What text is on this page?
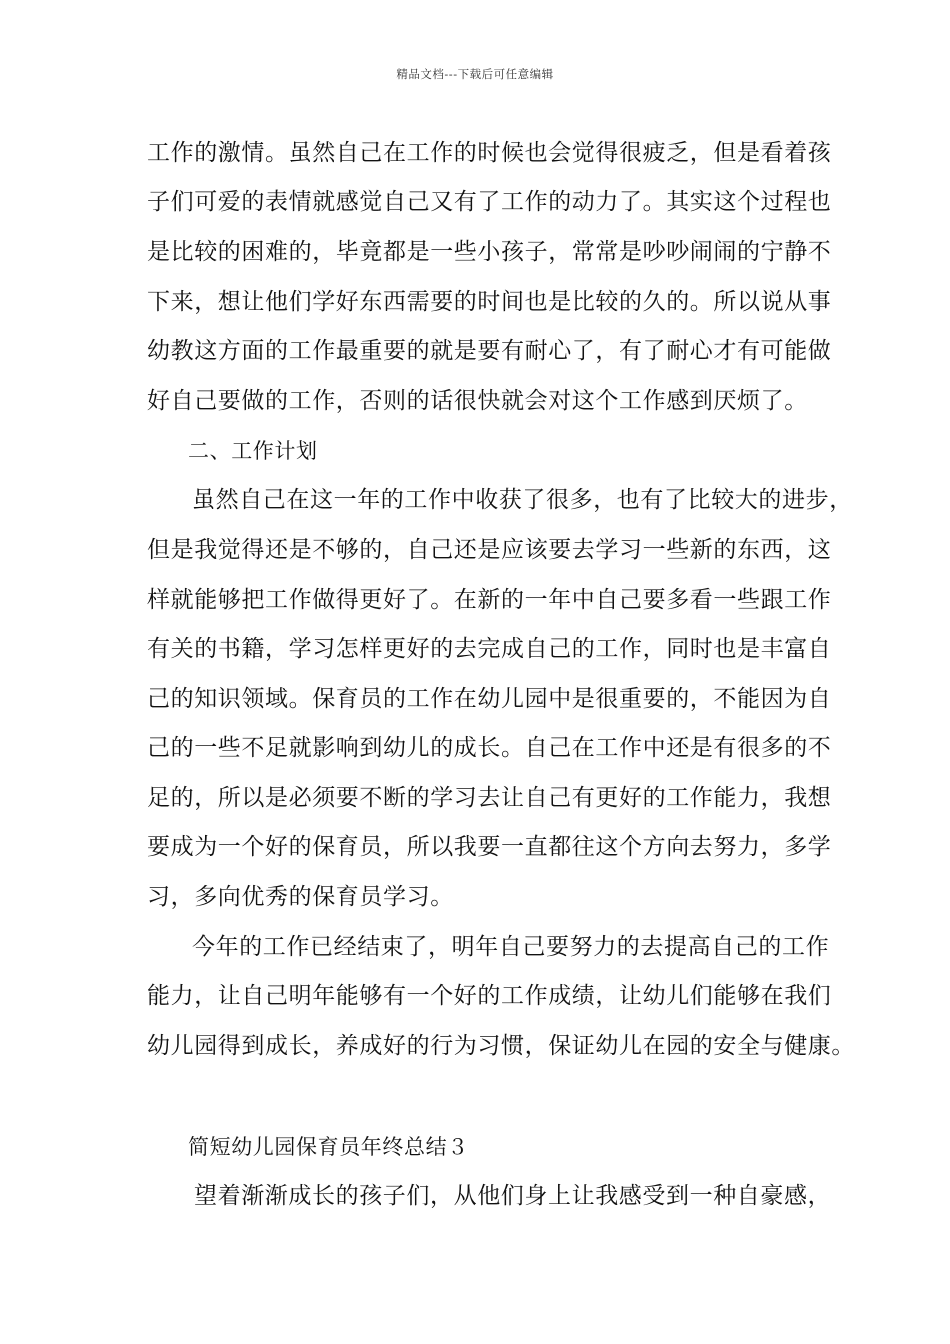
精品文档---下载后可任意编辑
工作的激情。虽然自己在工作的时候也会觉得很疲乏，但是看着孩
子们可爱的表情就感觉自己又有了工作的动力了。其实这个过程也
是比较的困难的，毕竟都是一些小孩子，常常是吵吵闹闹的宁静不
下来，想让他们学好东西需要的时间也是比较的久的。所以说从事
幼教这方面的工作最重要的就是要有耐心了，有了耐心才有可能做
好自己要做的工作，否则的话很快就会对这个工作感到厌烦了。
二、工作计划
虽然自己在这一年的工作中收获了很多，也有了比较大的进步，
但是我觉得还是不够的，自己还是应该要去学习一些新的东西，这
样就能够把工作做得更好了。在新的一年中自己要多看一些跟工作
有关的书籍，学习怎样更好的去完成自己的工作，同时也是丰富自
己的知识领域。保育员的工作在幼儿园中是很重要的，不能因为自
己的一些不足就影响到幼儿的成长。自己在工作中还是有很多的不
足的，所以是必须要不断的学习去让自己有更好的工作能力，我想
要成为一个好的保育员，所以我要一直都往这个方向去努力，多学
习，多向优秀的保育员学习。
今年的工作已经结束了，明年自己要努力的去提高自己的工作
能力，让自己明年能够有一个好的工作成绩，让幼儿们能够在我们
幼儿园得到成长，养成好的行为习惯，保证幼儿在园的安全与健康。
简短幼儿园保育员年终总结３
望着渐渐成长的孩子们，从他们身上让我感受到一种自豪感，
